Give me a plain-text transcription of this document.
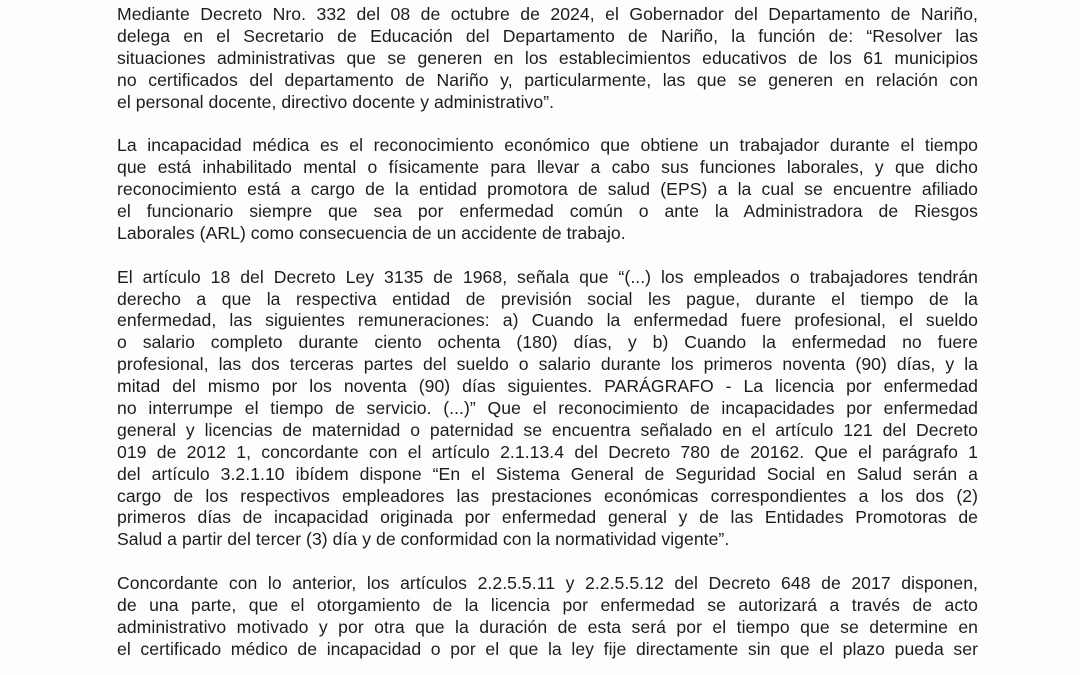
Mediante Decreto Nro. 332 del 08 de octubre de 2024, el Gobernador del Departamento de Nariño,
delega en el Secretario de Educación del Departamento de Nariño, la función de: “Resolver las
situaciones administrativas que se generen en los establecimientos educativos de los 61 municipios
no certificados del departamento de Nariño y, particularmente, las que se generen en relación con
el personal docente, directivo docente y administrativo”.

La incapacidad médica es el reconocimiento económico que obtiene un trabajador durante el tiempo
que está inhabilitado mental o físicamente para llevar a cabo sus funciones laborales, y que dicho
reconocimiento está a cargo de la entidad promotora de salud (EPS) a la cual se encuentre afiliado
el funcionario siempre que sea por enfermedad común o ante la Administradora de Riesgos
Laborales (ARL) como consecuencia de un accidente de trabajo.

El artículo 18 del Decreto Ley 3135 de 1968, señala que “(...) los empleados o trabajadores tendrán
derecho a que la respectiva entidad de previsión social les pague, durante el tiempo de la
enfermedad, las siguientes remuneraciones: a) Cuando la enfermedad fuere profesional, el sueldo
o salario completo durante ciento ochenta (180) días, y b) Cuando la enfermedad no fuere
profesional, las dos terceras partes del sueldo o salario durante los primeros noventa (90) días, y la
mitad del mismo por los noventa (90) días siguientes. PARÁGRAFO - La licencia por enfermedad
no interrumpe el tiempo de servicio. (...)” Que el reconocimiento de incapacidades por enfermedad
general y licencias de maternidad o paternidad se encuentra señalado en el artículo 121 del Decreto
019 de 2012 1, concordante con el artículo 2.1.13.4 del Decreto 780 de 20162. Que el parágrafo 1
del artículo 3.2.1.10 ibídem dispone “En el Sistema General de Seguridad Social en Salud serán a
cargo de los respectivos empleadores las prestaciones económicas correspondientes a los dos (2)
primeros días de incapacidad originada por enfermedad general y de las Entidades Promotoras de
Salud a partir del tercer (3) día y de conformidad con la normatividad vigente”.

Concordante con lo anterior, los artículos 2.2.5.5.11 y 2.2.5.5.12 del Decreto 648 de 2017 disponen,
de una parte, que el otorgamiento de la licencia por enfermedad se autorizará a través de acto
administrativo motivado y por otra que la duración de esta será por el tiempo que se determine en
el certificado médico de incapacidad o por el que la ley fije directamente sin que el plazo pueda ser
